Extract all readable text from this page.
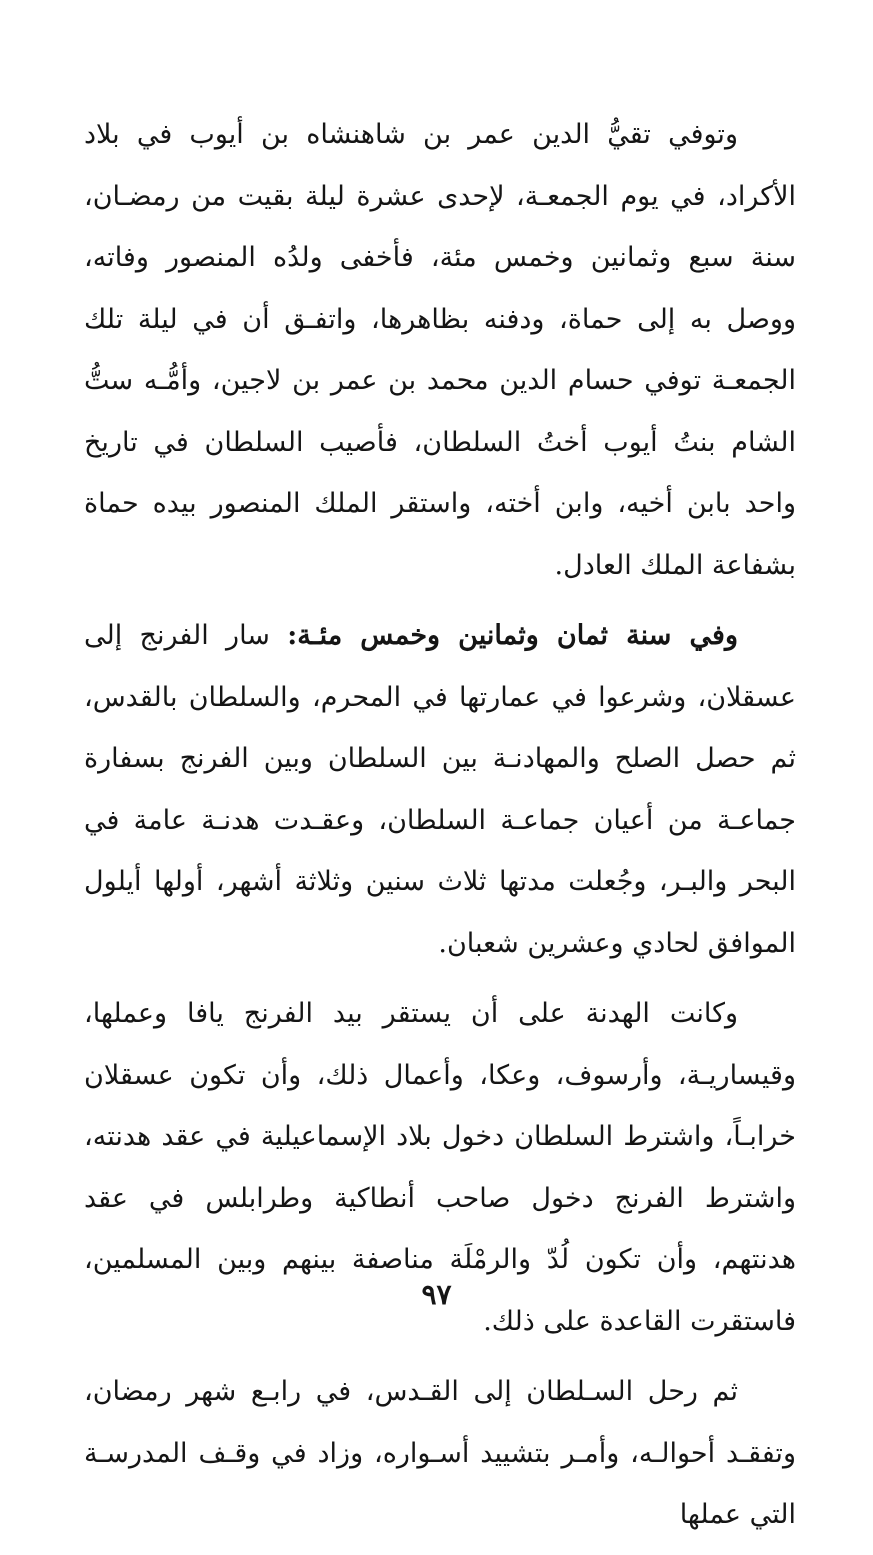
وتوفي تقيُّ الدين عمر بن شاهنشاه بن أيوب في بلاد الأكراد، في يوم الجمعـة، لإحدى عشرة ليلة بقيت من رمضـان، سنة سبع وثمانين وخمس مئة، فأخفى ولدُه المنصور وفاته، ووصل به إلى حماة، ودفنه بظاهرها، واتفـق أن في ليلة تلك الجمعـة توفي حسام الدين محمد بن عمر بن لاجين، وأمُّـه ستُّ الشام بنتُ أيوب أختُ السلطان، فأصيب السلطان في تاريخ واحد بابن أخيه، وابن أخته، واستقر الملك المنصور بيده حماة بشفاعة الملك العادل.

وفي سنة ثمان وثمانين وخمس مئـة: سار الفرنج إلى عسقلان، وشرعوا في عمارتها في المحرم، والسلطان بالقدس، ثم حصل الصلح والمهادنـة بين السلطان وبين الفرنج بسفارة جماعـة من أعيان جماعـة السلطان، وعقـدت هدنـة عامة في البحر والبـر، وجُعلت مدتها ثلاث سنين وثلاثة أشهر، أولها أيلول الموافق لحادي وعشرين شعبان.

وكانت الهدنة على أن يستقر بيد الفرنج يافا وعملها، وقيساريـة، وأرسوف، وعكا، وأعمال ذلك، وأن تكون عسقلان خرابـاً، واشترط السلطان دخول بلاد الإسماعيلية في عقد هدنته، واشترط الفرنج دخول صاحب أنطاكية وطرابلس في عقد هدنتهم، وأن تكون لُدّ والرمْلَة مناصفة بينهم وبين المسلمين، فاستقرت القاعدة على ذلك.

ثم رحل السـلطان إلى القـدس، في رابـع شهر رمضان، وتفقـد أحوالـه، وأمـر بتشييد أسـواره، وزاد في وقـف المدرسـة التي عملها

٩٧
